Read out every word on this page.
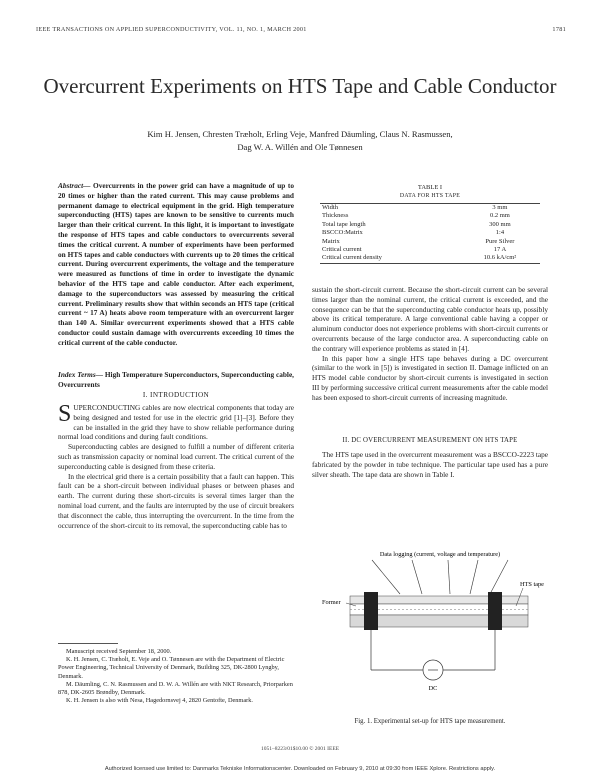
IEEE TRANSACTIONS ON APPLIED SUPERCONDUCTIVITY, VOL. 11, NO. 1, MARCH 2001	1781
Overcurrent Experiments on HTS Tape and Cable Conductor
Kim H. Jensen, Chresten Træholt, Erling Veje, Manfred Däumling, Claus N. Rasmussen,
Dag W. A. Willén and Ole Tønnesen
Abstract— Overcurrents in the power grid can have a magnitude of up to 20 times or higher than the rated current. This may cause problems and permanent damage to electrical equipment in the grid. High temperature superconducting (HTS) tapes are known to be sensitive to currents much larger than their critical current. In this light, it is important to investigate the response of HTS tapes and cable conductors to overcurrents several times the critical current. A number of experiments have been performed on HTS tapes and cable conductors with currents up to 20 times the critical current. During overcurrent experiments, the voltage and the temperature were measured as functions of time in order to investigate the dynamic behavior of the HTS tape and cable conductor. After each experiment, damage to the superconductors was assessed by measuring the critical current. Preliminary results show that within seconds an HTS tape (critical current ~ 17 A) heats above room temperature with an overcurrent larger than 140 A. Similar overcurrent experiments showed that a HTS cable conductor could sustain damage with overcurrents exceeding 10 times the critical current of the cable conductor.
Index Terms— High Temperature Superconductors, Superconducting cable, Overcurrents
I. INTRODUCTION

SUPERCONDUCTING cables are now electrical components that today are being designed and tested for use in the electric grid [1]–[3]. Before they can be installed in the grid they have to show reliable performance during normal load conditions and during fault conditions.

Superconducting cables are designed to fulfill a number of different criteria such as transmission capacity or nominal load current. The critical current of the superconducting cable is designed from these criteria.

In the electrical grid there is a certain possibility that a fault can happen. This fault can be a short-circuit between individual phases or between phases and earth. The current during these short-circuits is several times larger than the nominal load current, and the faults are interrupted by the use of circuit breakers that disconnect the cable, thus interrupting the overcurrent. In the time from the occurrence of the short-circuit to its removal, the superconducting cable has to

Manuscript received September 18, 2000.

K. H. Jensen, C. Træholt, E. Veje and O. Tønnesen are with the Department of Electric Power Engineering, Technical University of Denmark, Building 325, DK-2800 Lyngby, Denmark.

M. Däumling, C. N. Rasmussen and D. W. A. Willén are with NKT Research, Priorparken 878, DK-2605 Brøndby, Denmark.

K. H. Jensen is also with Nesa, Hagedornsvej 4, 2820 Gentofte, Denmark.

TABLE I
DATA FOR HTS TAPE
Width	3 mm
Thickness	0.2 mm
Total tape length	300 mm
BSCCO:Matrix	1:4
Matrix	Pure Silver
Critical current	17 A
Critical current density	10.6 kA/cm²

sustain the short-circuit current. Because the short-circuit current can be several times larger than the nominal current, the critical current is exceeded, and the consequence can be that the superconducting cable conductor heats up, possibly above its critical temperature. A large conventional cable having a copper or aluminum conductor does not experience problems with short-circuit currents or overcurrents because of the large conductor area. A superconducting cable on the contrary will experience problems as stated in [4].

In this paper how a single HTS tape behaves during a DC overcurrent (similar to the work in [5]) is investigated in section II. Damage inflicted on an HTS model cable conductor by short-circuit currents is investigated in section III by performing successive critical current measurements after the cable model has been exposed to short-circuit currents of increasing magnitude.

II. DC OVERCURRENT MEASUREMENT ON HTS TAPE

The HTS tape used in the overcurrent measurement was a BSCCO-2223 tape fabricated by the powder in tube technique. The particular tape used has a pure silver sheath. The tape data are shown in Table I.

Data logging (current, voltage and temperature)
Former
HTS tape
DC
Fig. 1. Experimental set-up for HTS tape measurement.
1051–8223/01$10.00 © 2001 IEEE
Authorized licensed use limited to: Danmarks Tekniske Informationscenter. Downloaded on February 9, 2010 at 09:30 from IEEE Xplore. Restrictions apply.
